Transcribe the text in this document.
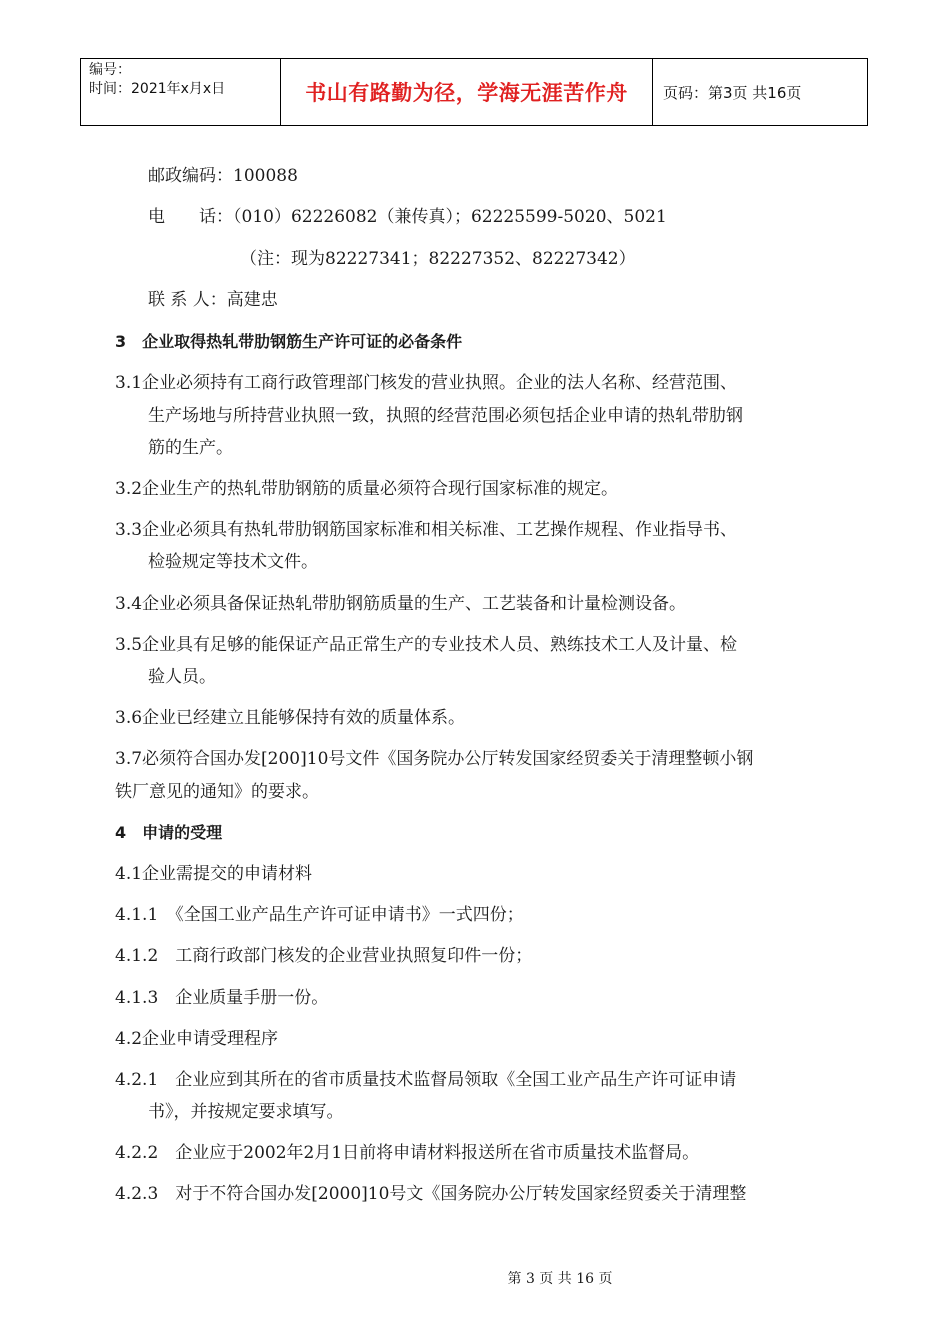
编号：
时间：2021年x月x日	书山有路勤为径，学海无涯苦作舟	页码：第3页 共16页
邮政编码：100088
电　　话：（010）62226082（兼传真）；62225599-5020、5021
（注：现为82227341；82227352、82227342）
联 系 人：高建忠
3　企业取得热轧带肋钢筋生产许可证的必备条件
3.1企业必须持有工商行政管理部门核发的营业执照。企业的法人名称、经营范围、
生产场地与所持营业执照一致，执照的经营范围必须包括企业申请的热轧带肋钢
筋的生产。
3.2企业生产的热轧带肋钢筋的质量必须符合现行国家标准的规定。
3.3企业必须具有热轧带肋钢筋国家标准和相关标准、工艺操作规程、作业指导书、
检验规定等技术文件。
3.4企业必须具备保证热轧带肋钢筋质量的生产、工艺装备和计量检测设备。
3.5企业具有足够的能保证产品正常生产的专业技术人员、熟练技术工人及计量、检
验人员。
3.6企业已经建立且能够保持有效的质量体系。
3.7必须符合国办发[200]10号文件《国务院办公厅转发国家经贸委关于清理整顿小钢
铁厂意见的通知》的要求。
4　申请的受理
4.1企业需提交的申请材料
4.1.1　《全国工业产品生产许可证申请书》一式四份；
4.1.2　工商行政部门核发的企业营业执照复印件一份；
4.1.3　企业质量手册一份。
4.2企业申请受理程序
4.2.1　企业应到其所在的省市质量技术监督局领取《全国工业产品生产许可证申请
书》，并按规定要求填写。
4.2.2　企业应于2002年2月1日前将申请材料报送所在省市质量技术监督局。
4.2.3　对于不符合国办发[2000]10号文《国务院办公厅转发国家经贸委关于清理整
第 3 页 共 16 页
